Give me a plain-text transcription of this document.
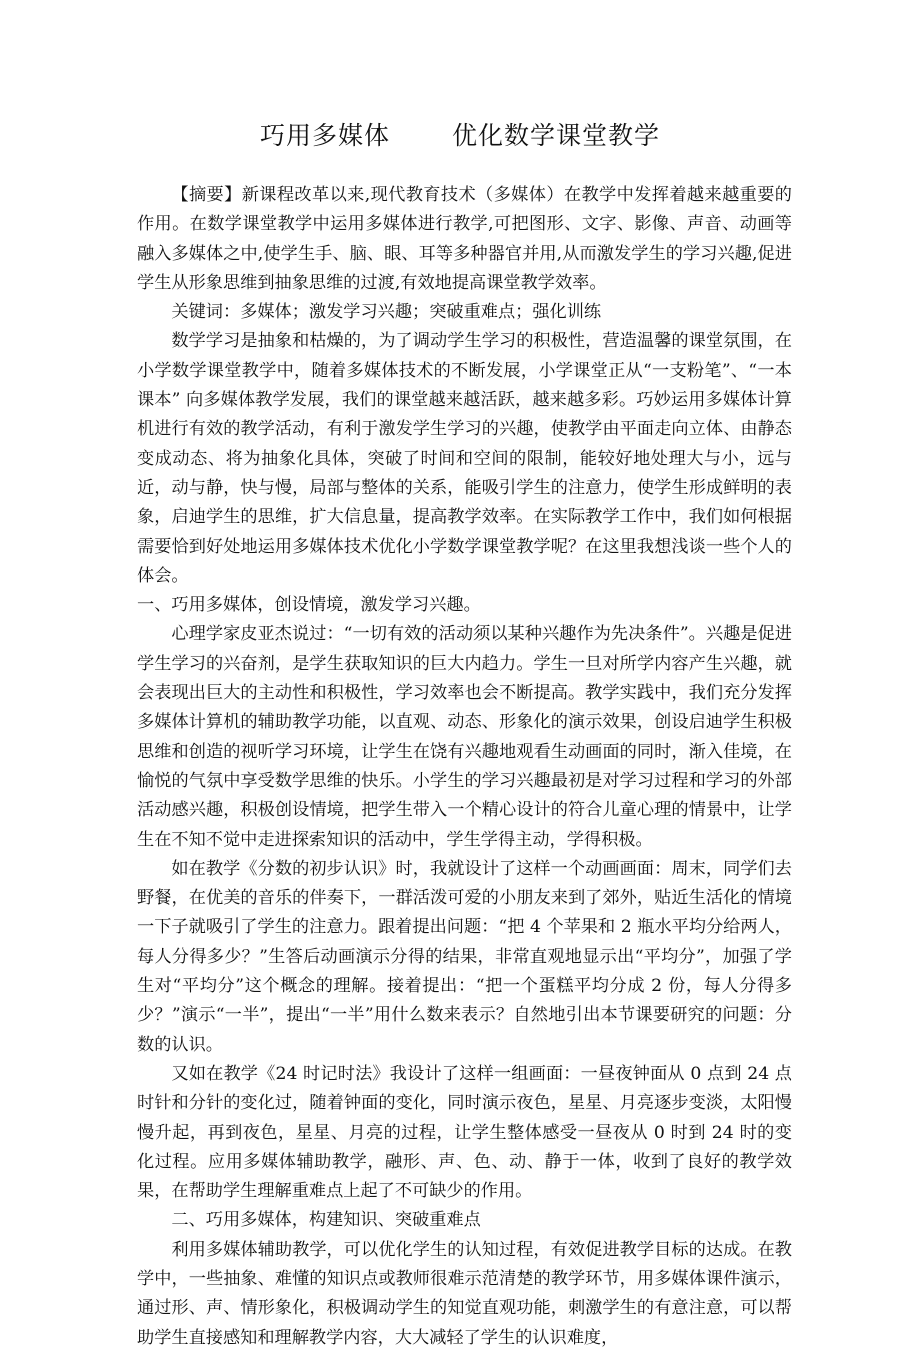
巧用多媒体 优化数学课堂教学

【摘要】新课程改革以来,现代教育技术（多媒体）在教学中发挥着越来越重要的作用。在数学课堂教学中运用多媒体进行教学,可把图形、文字、影像、声音、动画等融入多媒体之中,使学生手、脑、眼、耳等多种器官并用,从而激发学生的学习兴趣,促进学生从形象思维到抽象思维的过渡,有效地提高课堂教学效率。

关键词：多媒体；激发学习兴趣；突破重难点；强化训练

数学学习是抽象和枯燥的，为了调动学生学习的积极性，营造温馨的课堂氛围，在小学数学课堂教学中，随着多媒体技术的不断发展，小学课堂正从“一支粉笔”、“一本课本” 向多媒体教学发展，我们的课堂越来越活跃，越来越多彩。巧妙运用多媒体计算机进行有效的教学活动，有利于激发学生学习的兴趣，使教学由平面走向立体、由静态变成动态、将为抽象化具体，突破了时间和空间的限制，能较好地处理大与小，远与近，动与静，快与慢，局部与整体的关系，能吸引学生的注意力，使学生形成鲜明的表象，启迪学生的思维，扩大信息量，提高教学效率。在实际教学工作中，我们如何根据需要恰到好处地运用多媒体技术优化小学数学课堂教学呢？在这里我想浅谈一些个人的体会。

一、巧用多媒体，创设情境，激发学习兴趣。

心理学家皮亚杰说过：“一切有效的活动须以某种兴趣作为先决条件”。兴趣是促进学生学习的兴奋剂，是学生获取知识的巨大内趋力。学生一旦对所学内容产生兴趣，就会表现出巨大的主动性和积极性，学习效率也会不断提高。教学实践中，我们充分发挥多媒体计算机的辅助教学功能，以直观、动态、形象化的演示效果，创设启迪学生积极思维和创造的视听学习环境，让学生在饶有兴趣地观看生动画面的同时，渐入佳境，在愉悦的气氛中享受数学思维的快乐。小学生的学习兴趣最初是对学习过程和学习的外部活动感兴趣，积极创设情境，把学生带入一个精心设计的符合儿童心理的情景中，让学生在不知不觉中走进探索知识的活动中，学生学得主动，学得积极。

如在教学《分数的初步认识》时，我就设计了这样一个动画画面：周末，同学们去野餐，在优美的音乐的伴奏下，一群活泼可爱的小朋友来到了郊外，贴近生活化的情境一下子就吸引了学生的注意力。跟着提出问题：“把 4 个苹果和 2 瓶水平均分给两人，每人分得多少？”生答后动画演示分得的结果，非常直观地显示出“平均分”，加强了学生对“平均分”这个概念的理解。接着提出：“把一个蛋糕平均分成 2 份，每人分得多少？”演示“一半”，提出“一半”用什么数来表示？自然地引出本节课要研究的问题：分数的认识。

又如在教学《24 时记时法》我设计了这样一组画面：一昼夜钟面从 0 点到 24 点时针和分针的变化过，随着钟面的变化，同时演示夜色，星星、月亮逐步变淡，太阳慢慢升起，再到夜色，星星、月亮的过程，让学生整体感受一昼夜从 0 时到 24 时的变化过程。应用多媒体辅助教学，融形、声、色、动、静于一体，收到了良好的教学效果，在帮助学生理解重难点上起了不可缺少的作用。

二、巧用多媒体，构建知识、突破重难点

利用多媒体辅助教学，可以优化学生的认知过程，有效促进教学目标的达成。在教学中，一些抽象、难懂的知识点或教师很难示范清楚的教学环节，用多媒体课件演示，通过形、声、情形象化，积极调动学生的知觉直观功能，刺激学生的有意注意，可以帮助学生直接感知和理解教学内容，大大减轻了学生的认识难度，
